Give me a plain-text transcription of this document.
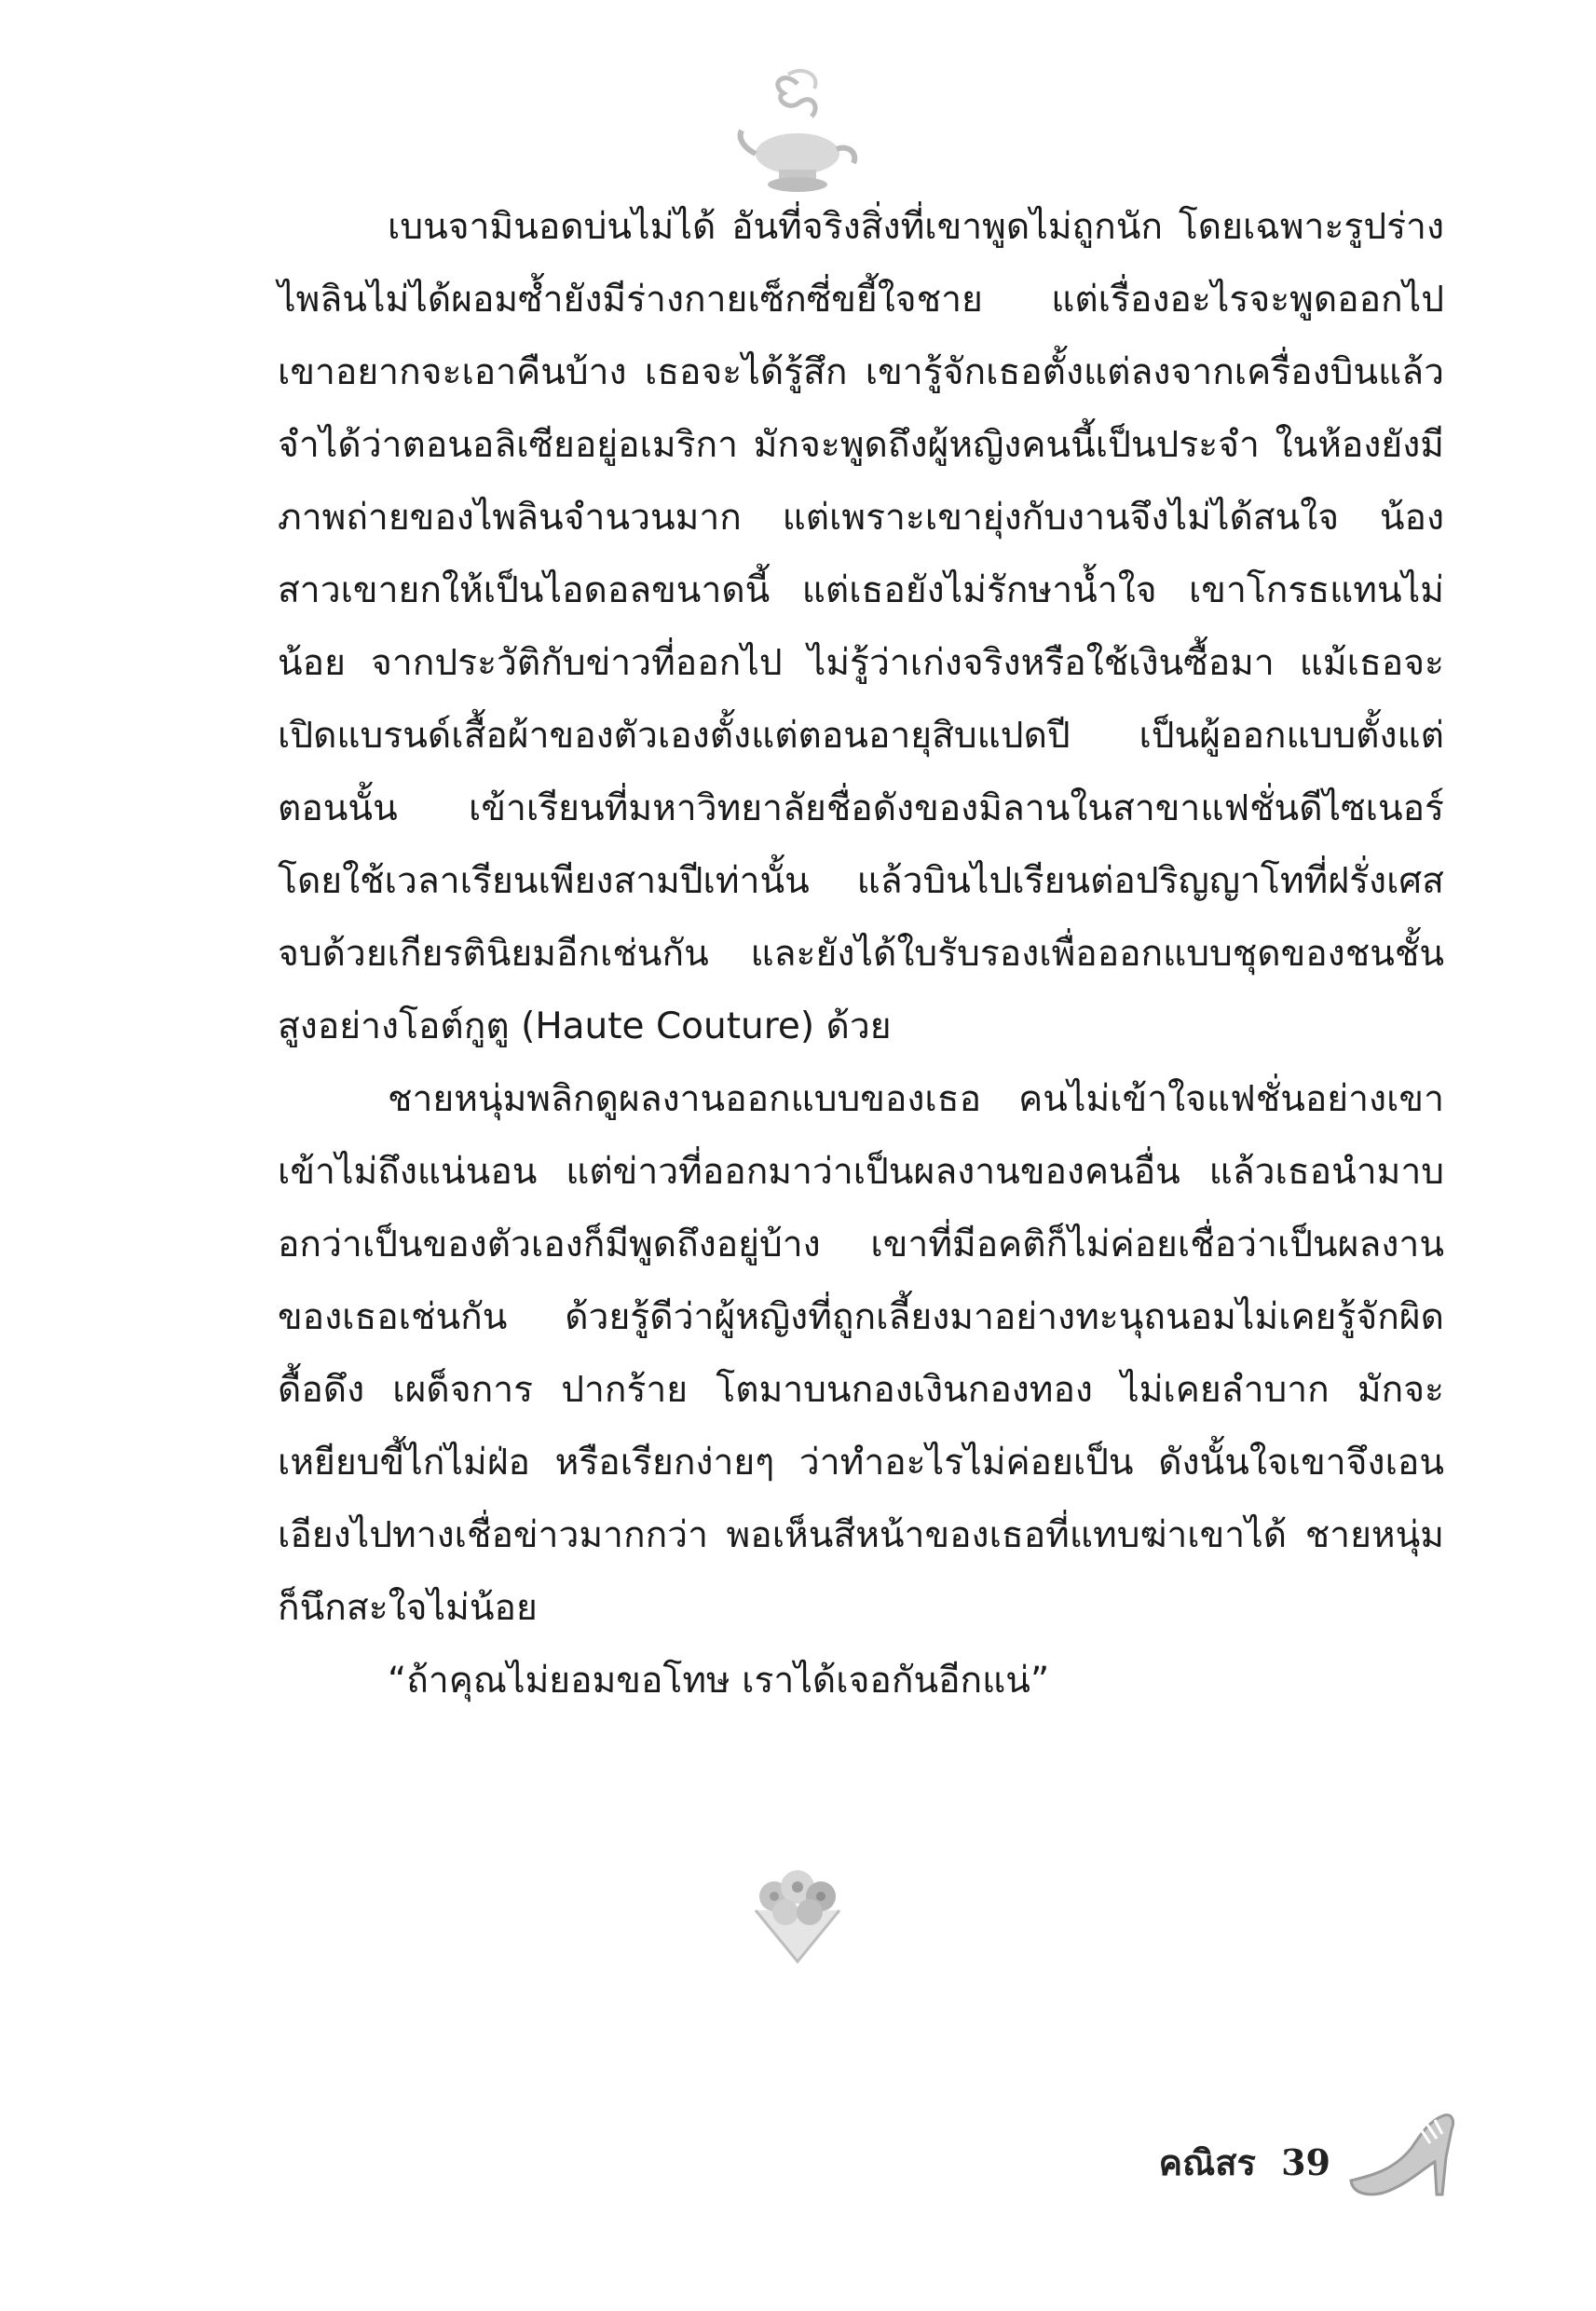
เบนจามินอดบ่นไม่ได้ อันที่จริงสิ่งที่เขาพูดไม่ถูกนัก โดยเฉพาะรูปร่าง ไพลินไม่ได้ผอมซ้ำยังมีร่างกายเซ็กซี่ขยี้ใจชาย แต่เรื่องอะไรจะพูดออกไป เขาอยากจะเอาคืนบ้าง เธอจะได้รู้สึก เขารู้จักเธอตั้งแต่ลงจากเครื่องบินแล้ว จำได้ว่าตอนอลิเซียอยู่อเมริกา มักจะพูดถึงผู้หญิงคนนี้เป็นประจำ ในห้องยังมีภาพถ่ายของไพลินจำนวนมาก แต่เพราะเขายุ่งกับงานจึงไม่ได้สนใจ น้องสาวเขายกให้เป็นไอดอลขนาดนี้ แต่เธอยังไม่รักษาน้ำใจ เขาโกรธแทนไม่น้อย จากประวัติกับข่าวที่ออกไป ไม่รู้ว่าเก่งจริงหรือใช้เงินซื้อมา แม้เธอจะเปิดแบรนด์เสื้อผ้าของตัวเองตั้งแต่ตอนอายุสิบแปดปี เป็นผู้ออกแบบตั้งแต่ตอนนั้น เข้าเรียนที่มหาวิทยาลัยชื่อดังของมิลานในสาขาแฟชั่นดีไซเนอร์ โดยใช้เวลาเรียนเพียงสามปีเท่านั้น แล้วบินไปเรียนต่อปริญญาโทที่ฝรั่งเศส จบด้วยเกียรตินิยมอีกเช่นกัน และยังได้ใบรับรองเพื่อออกแบบชุดของชนชั้นสูงอย่างโอต์กูตู (Haute Couture) ด้วย

ชายหนุ่มพลิกดูผลงานออกแบบของเธอ คนไม่เข้าใจแฟชั่นอย่างเขาเข้าไม่ถึงแน่นอน แต่ข่าวที่ออกมาว่าเป็นผลงานของคนอื่น แล้วเธอนำมาบอกว่าเป็นของตัวเองก็มีพูดถึงอยู่บ้าง เขาที่มีอคติก็ไม่ค่อยเชื่อว่าเป็นผลงานของเธอเช่นกัน ด้วยรู้ดีว่าผู้หญิงที่ถูกเลี้ยงมาอย่างทะนุถนอมไม่เคยรู้จักผิด ดื้อดึง เผด็จการ ปากร้าย โตมาบนกองเงินกองทอง ไม่เคยลำบาก มักจะเหยียบขี้ไก่ไม่ฝ่อ หรือเรียกง่ายๆ ว่าทำอะไรไม่ค่อยเป็น ดังนั้นใจเขาจึงเอนเอียงไปทางเชื่อข่าวมากกว่า พอเห็นสีหน้าของเธอที่แทบฆ่าเขาได้ ชายหนุ่มก็นึกสะใจไม่น้อย

“ถ้าคุณไม่ยอมขอโทษ เราได้เจอกันอีกแน่”

คณิสร 39
